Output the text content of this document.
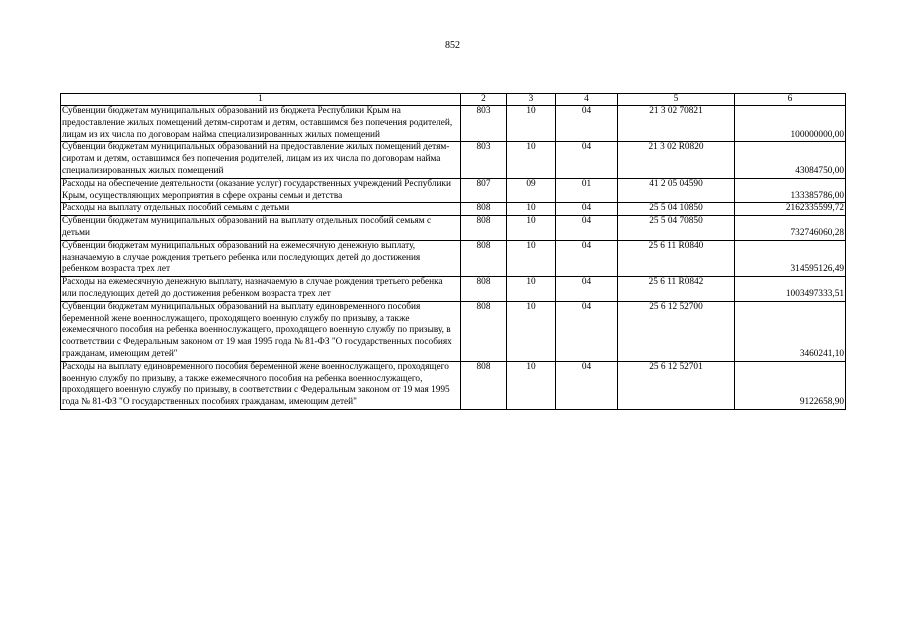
852
1	2	3	4	5	6
Субвенции бюджетам муниципальных образований из бюджета Республики Крым на предоставление жилых помещений детям-сиротам и детям, оставшимся без попечения родителей, лицам из их числа по договорам найма специализированных жилых помещений	803	10	04	21 3 02 70821	100000000,00
Субвенции бюджетам муниципальных образований на предоставление жилых помещений детям-сиротам и детям, оставшимся без попечения родителей, лицам из их числа по договорам найма специализированных жилых помещений	803	10	04	21 3 02 R0820	43084750,00
Расходы на обеспечение деятельности (оказание услуг) государственных учреждений Республики Крым, осуществляющих мероприятия в сфере охраны семьи и детства	807	09	01	41 2 05 04590	133385786,00
Расходы на выплату отдельных пособий семьям с детьми	808	10	04	25 5 04 10850	2162335599,72
Субвенции бюджетам муниципальных образований на выплату отдельных пособий семьям с детьми	808	10	04	25 5 04 70850	732746060,28
Субвенции бюджетам муниципальных образований на ежемесячную денежную выплату, назначаемую в случае рождения третьего ребенка или последующих детей до достижения ребенком возраста трех лет	808	10	04	25 6 11 R0840	314595126,49
Расходы на ежемесячную денежную выплату, назначаемую в случае рождения третьего ребенка или последующих детей до достижения ребенком возраста трех лет	808	10	04	25 6 11 R0842	1003497333,51
Субвенции бюджетам муниципальных образований на выплату единовременного пособия беременной жене военнослужащего, проходящего военную службу по призыву, а также ежемесячного пособия на ребенка военнослужащего, проходящего военную службу по призыву, в соответствии с Федеральным законом от 19 мая 1995 года № 81-ФЗ "О государственных пособиях гражданам, имеющим детей"	808	10	04	25 6 12 52700	3460241,10
Расходы на выплату единовременного пособия беременной жене военнослужащего, проходящего военную службу по призыву, а также ежемесячного пособия на ребенка военнослужащего, проходящего военную службу по призыву, в соответствии с Федеральным законом от 19 мая 1995 года № 81-ФЗ "О государственных пособиях гражданам, имеющим детей"	808	10	04	25 6 12 52701	9122658,90
